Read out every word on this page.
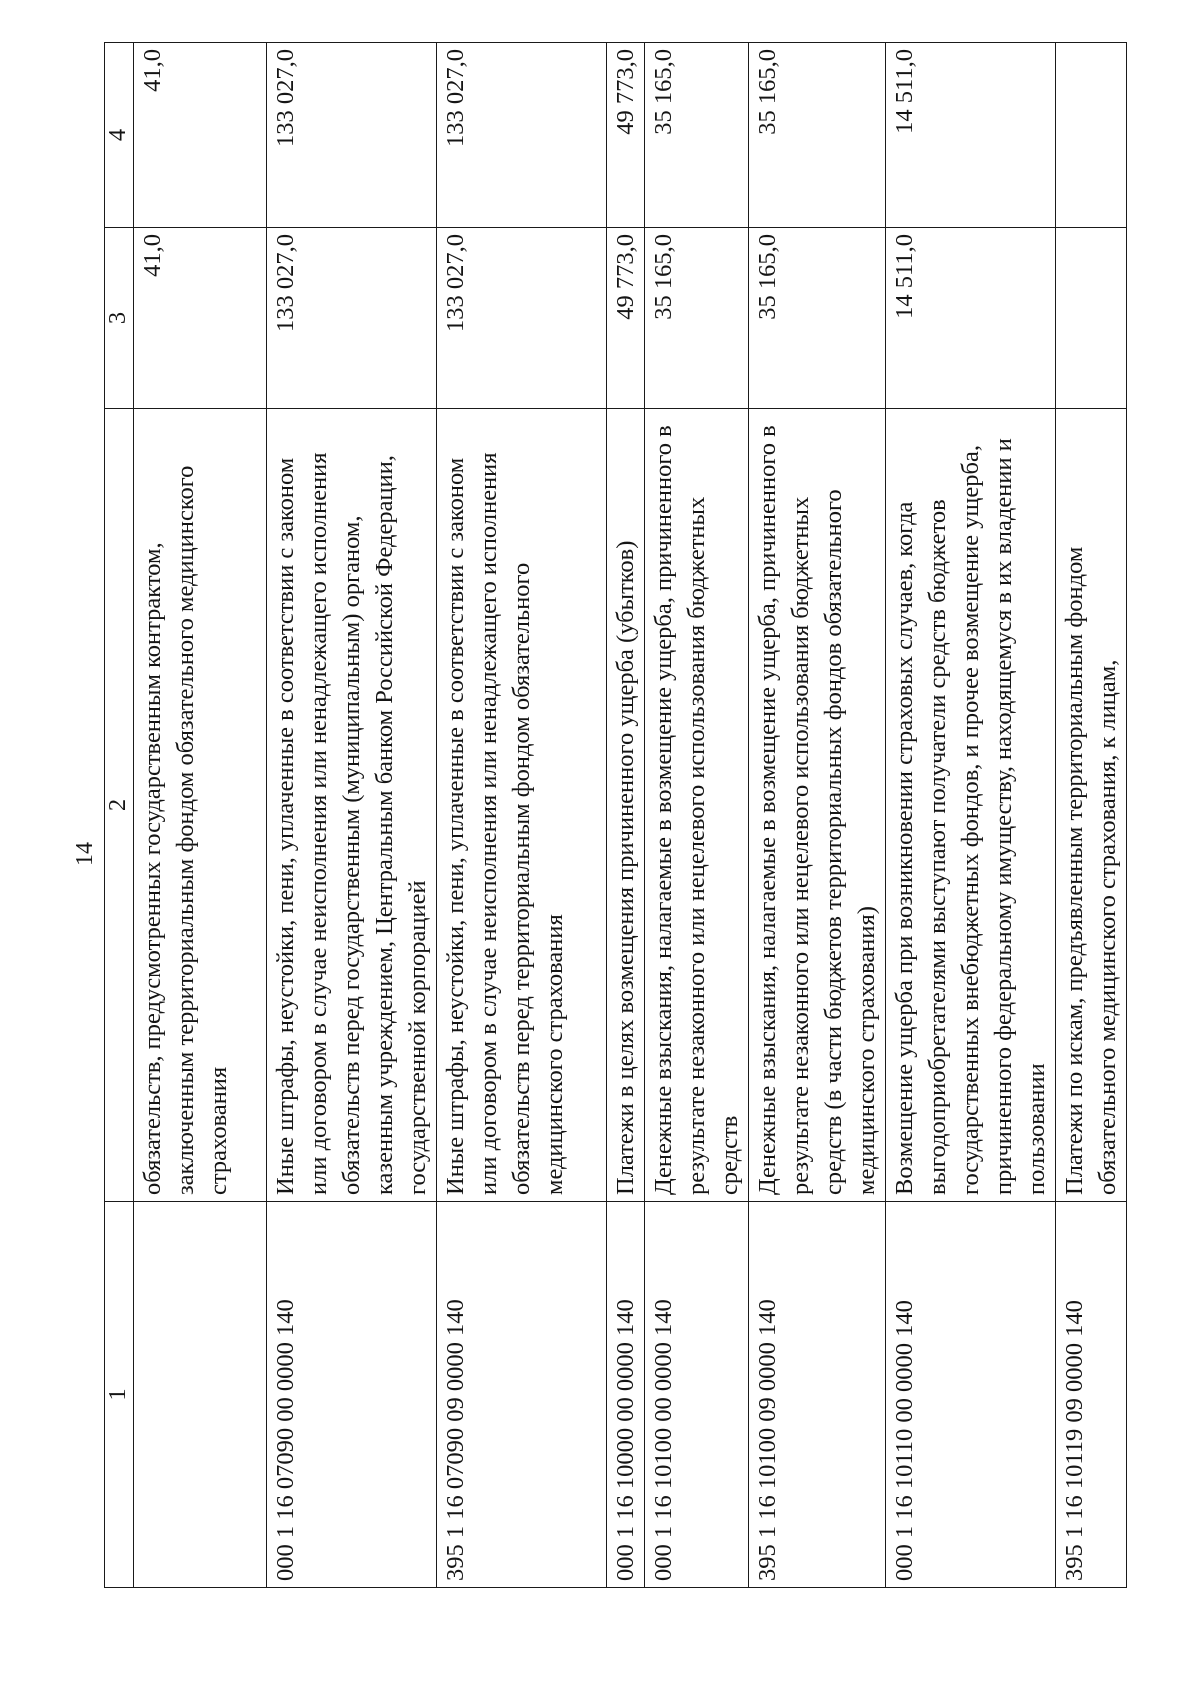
14
1	2	3	4
	обязательств, предусмотренных государственным контрактом, заключенным территориальным фондом обязательного медицинского страхования	41,0	41,0
000 1 16 07090 00 0000 140	Иные штрафы, неустойки, пени, уплаченные в соответствии с законом или договором в случае неисполнения или ненадлежащего исполнения обязательств перед государственным (муниципальным) органом, казенным учреждением, Центральным банком Российской Федерации, государственной корпорацией	133 027,0	133 027,0
395 1 16 07090 09 0000 140	Иные штрафы, неустойки, пени, уплаченные в соответствии с законом или договором в случае неисполнения или ненадлежащего исполнения обязательств перед территориальным фондом обязательного медицинского страхования	133 027,0	133 027,0
000 1 16 10000 00 0000 140	Платежи в целях возмещения причиненного ущерба (убытков)	49 773,0	49 773,0
000 1 16 10100 00 0000 140	Денежные взыскания, налагаемые в возмещение ущерба, причиненного в результате незаконного или нецелевого использования бюджетных средств	35 165,0	35 165,0
395 1 16 10100 09 0000 140	Денежные взыскания, налагаемые в возмещение ущерба, причиненного в результате незаконного или нецелевого использования бюджетных средств (в части бюджетов территориальных фондов обязательного медицинского страхования)	35 165,0	35 165,0
000 1 16 10110 00 0000 140	Возмещение ущерба при возникновении страховых случаев, когда выгодоприобретателями выступают получатели средств бюджетов государственных внебюджетных фондов, и прочее возмещение ущерба, причиненного федеральному имуществу, находящемуся в их владении и пользовании	14 511,0	14 511,0
395 1 16 10119 09 0000 140	Платежи по искам, предъявленным территориальным фондом обязательного медицинского страхования, к лицам,		
